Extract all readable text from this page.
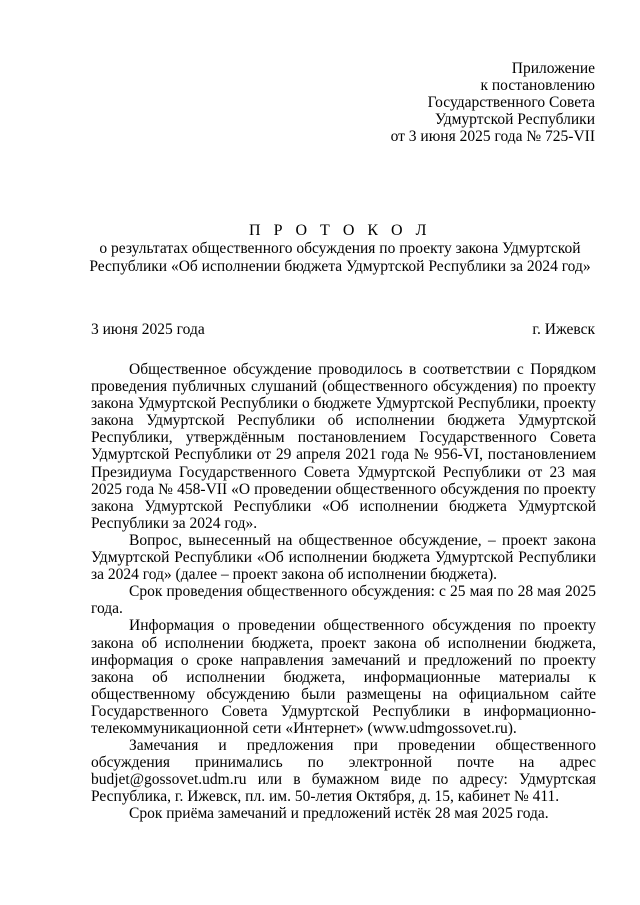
Приложение
к постановлению
Государственного Совета
Удмуртской Республики
от 3 июня 2025 года № 725-VII
П Р О Т О К О Л
о результатах общественного обсуждения по проекту закона Удмуртской Республики «Об исполнении бюджета Удмуртской Республики за 2024 год»
3 июня 2025 года	г. Ижевск

Общественное обсуждение проводилось в соответствии с Порядком проведения публичных слушаний (общественного обсуждения) по проекту закона Удмуртской Республики о бюджете Удмуртской Республики, проекту закона Удмуртской Республики об исполнении бюджета Удмуртской Республики, утверждённым постановлением Государственного Совета Удмуртской Республики от 29 апреля 2021 года № 956-VI, постановлением Президиума Государственного Совета Удмуртской Республики от 23 мая 2025 года № 458-VII «О проведении общественного обсуждения по проекту закона Удмуртской Республики «Об исполнении бюджета Удмуртской Республики за 2024 год».

Вопрос, вынесенный на общественное обсуждение, – проект закона Удмуртской Республики «Об исполнении бюджета Удмуртской Республики за 2024 год» (далее – проект закона об исполнении бюджета).

Срок проведения общественного обсуждения: с 25 мая по 28 мая 2025 года.

Информация о проведении общественного обсуждения по проекту закона об исполнении бюджета, проект закона об исполнении бюджета, информация о сроке направления замечаний и предложений по проекту закона об исполнении бюджета, информационные материалы к общественному обсуждению были размещены на официальном сайте Государственного Совета Удмуртской Республики в информационно-телекоммуникационной сети «Интернет» (www.udmgossovet.ru).

Замечания и предложения при проведении общественного обсуждения принимались по электронной почте на адрес budjet@gossovet.udm.ru или в бумажном виде по адресу: Удмуртская Республика, г. Ижевск, пл. им. 50-летия Октября, д. 15, кабинет № 411.

Срок приёма замечаний и предложений истёк 28 мая 2025 года.
